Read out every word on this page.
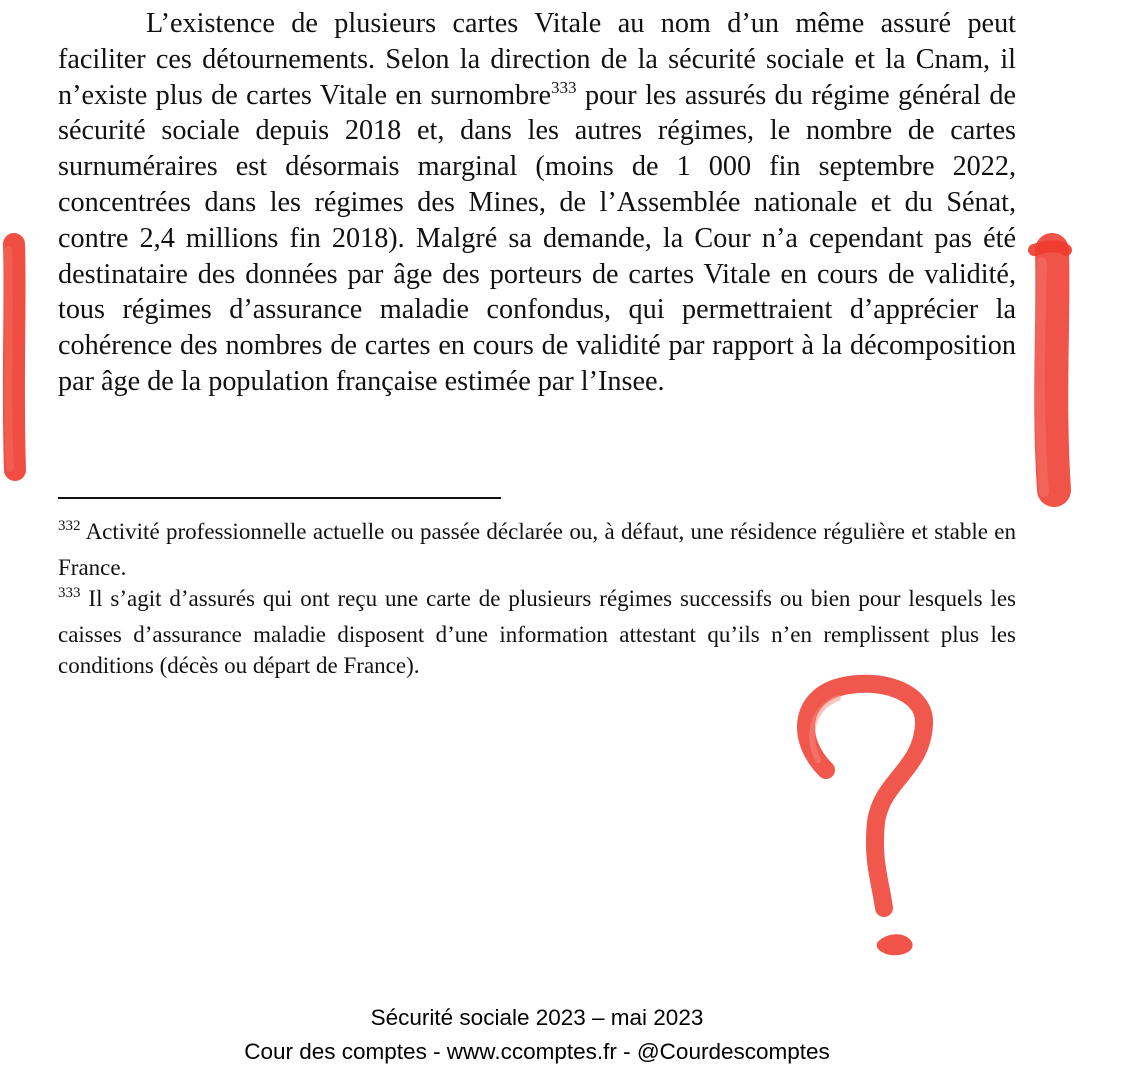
L’existence de plusieurs cartes Vitale au nom d’un même assuré peut faciliter ces détournements. Selon la direction de la sécurité sociale et la Cnam, il n’existe plus de cartes Vitale en surnombre$^{333}$ pour les assurés du régime général de sécurité sociale depuis 2018 et, dans les autres régimes, le nombre de cartes surnuméraires est désormais marginal (moins de 1 000 fin septembre 2022, concentrées dans les régimes des Mines, de l’Assemblée nationale et du Sénat, contre 2,4 millions fin 2018). Malgré sa demande, la Cour n’a cependant pas été destinataire des données par âge des porteurs de cartes Vitale en cours de validité, tous régimes d’assurance maladie confondus, qui permettraient d’apprécier la cohérence des nombres de cartes en cours de validité par rapport à la décomposition par âge de la population française estimée par l’Insee.

$^{332}$ Activité professionnelle actuelle ou passée déclarée ou, à défaut, une résidence régulière et stable en France.

$^{333}$ Il s’agit d’assurés qui ont reçu une carte de plusieurs régimes successifs ou bien pour lesquels les caisses d’assurance maladie disposent d’une information attestant qu’ils n’en remplissent plus les conditions (décès ou départ de France).

Sécurité sociale 2023 – mai 2023
Cour des comptes - www.ccomptes.fr - @Courdescomptes
